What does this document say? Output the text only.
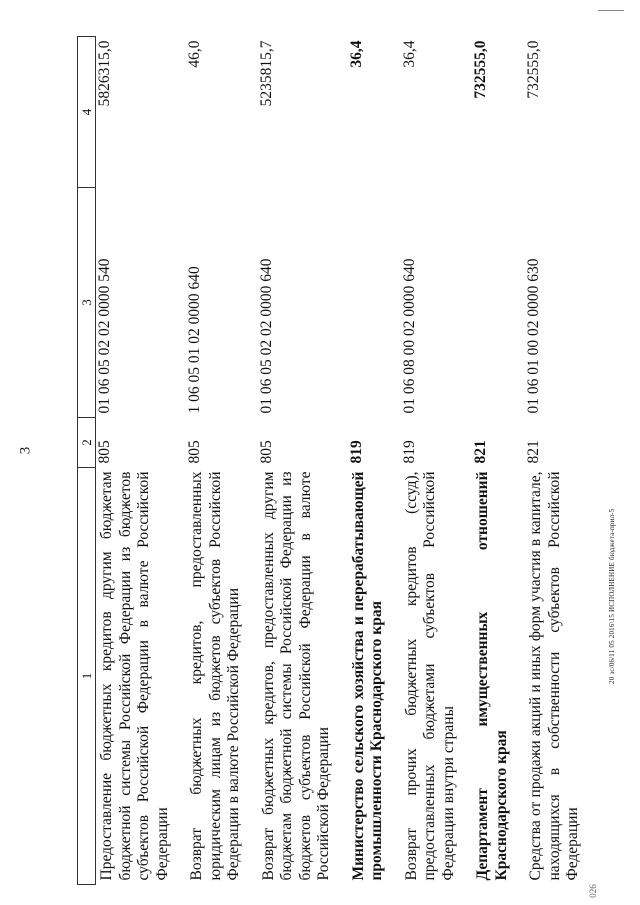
3
1	2	3	4
Предоставление бюджетных кредитов другим бюджетам бюджетной системы Российской Федерации из бюджетов субъектов Российской Федерации в валюте Российской Федерации	805	01 06 05 02 02 0000 540	5826315,0
Возврат бюджетных кредитов, предоставленных юридическим лицам из бюджетов субъектов Российской Федерации в валюте Российской Федерации	805	1 06 05 01 02 0000 640	46,0
Возврат бюджетных кредитов, предоставленных другим бюджетам бюджетной системы Российской Федерации из бюджетов субъектов Российской Федерации в валюте Российской Федерации	805	01 06 05 02 02 0000 640	5235815,7
Министерство сельского хозяйства и перерабатывающей промышленности Краснодарского края	819		36,4
Возврат прочих бюджетных кредитов (ссуд), предоставленных бюджетами субъектов Российской Федерации внутри страны	819	01 06 08 00 02 0000 640	36,4
Департамент имущественных отношений Краснодарского края	821		732555,0
Средства от продажи акций и иных форм участия в капитале, находящихся в собственности субъектов Российской Федерации	821	01 06 01 00 02 0000 630	732555,0
20 зс/06/11 05 2016\15 ИСПОЛНЕНИЕ бюджета-прил-5
026
